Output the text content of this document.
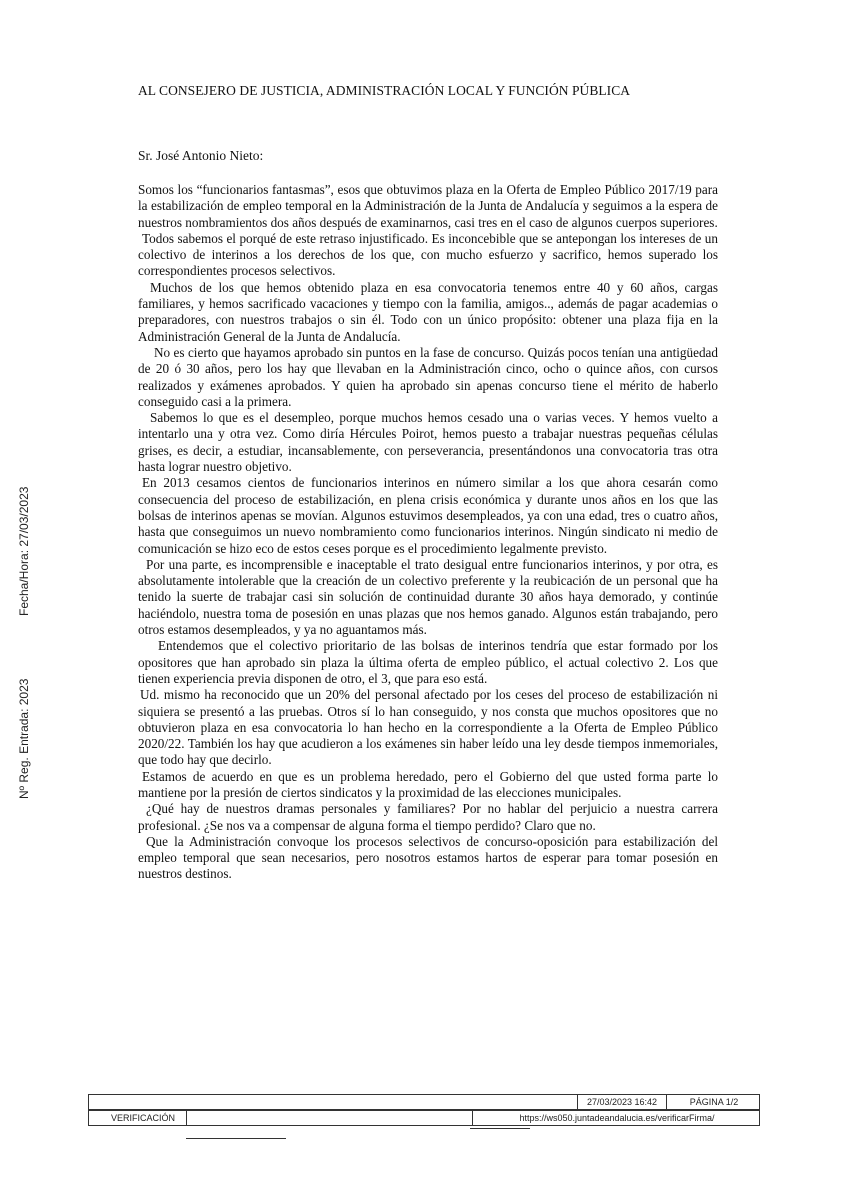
Fecha/Hora: 27/03/2023
Nº Reg. Entrada: 2023
AL CONSEJERO DE JUSTICIA, ADMINISTRACIÓN LOCAL Y FUNCIÓN PÚBLICA
Sr. José Antonio Nieto:

Somos los “funcionarios fantasmas”, esos que obtuvimos plaza en la Oferta de Empleo Público 2017/19 para la estabilización de empleo temporal en la Administración de la Junta de Andalucía y seguimos a la espera de nuestros nombramientos dos años después de examinarnos, casi tres en el caso de algunos cuerpos superiores.

Todos sabemos el porqué de este retraso injustificado. Es inconcebible que se antepongan los intereses de un colectivo de interinos a los derechos de los que, con mucho esfuerzo y sacrifico, hemos superado los correspondientes procesos selectivos.

Muchos de los que hemos obtenido plaza en esa convocatoria tenemos entre 40 y 60 años, cargas familiares, y hemos sacrificado vacaciones y tiempo con la familia, amigos.., además de pagar academias o preparadores, con nuestros trabajos o sin él. Todo con un único propósito: obtener una plaza fija en la Administración General de la Junta de Andalucía.

No es cierto que hayamos aprobado sin puntos en la fase de concurso. Quizás pocos tenían una antigüedad de 20 ó 30 años, pero los hay que llevaban en la Administración cinco, ocho o quince años, con cursos realizados y exámenes aprobados. Y quien ha aprobado sin apenas concurso tiene el mérito de haberlo conseguido casi a la primera.

Sabemos lo que es el desempleo, porque muchos hemos cesado una o varias veces. Y hemos vuelto a intentarlo una y otra vez. Como diría Hércules Poirot, hemos puesto a trabajar nuestras pequeñas células grises, es decir, a estudiar, incansablemente, con perseverancia, presentándonos una convocatoria tras otra hasta lograr nuestro objetivo.

En 2013 cesamos cientos de funcionarios interinos en número similar a los que ahora cesarán como consecuencia del proceso de estabilización, en plena crisis económica y durante unos años en los que las bolsas de interinos apenas se movían. Algunos estuvimos desempleados, ya con una edad, tres o cuatro años, hasta que conseguimos un nuevo nombramiento como funcionarios interinos. Ningún sindicato ni medio de comunicación se hizo eco de estos ceses porque es el procedimiento legalmente previsto.

Por una parte, es incomprensible e inaceptable el trato desigual entre funcionarios interinos, y por otra, es absolutamente intolerable que la creación de un colectivo preferente y la reubicación de un personal que ha tenido la suerte de trabajar casi sin solución de continuidad durante 30 años haya demorado, y continúe haciéndolo, nuestra toma de posesión en unas plazas que nos hemos ganado. Algunos están trabajando, pero otros estamos desempleados, y ya no aguantamos más.

Entendemos que el colectivo prioritario de las bolsas de interinos tendría que estar formado por los opositores que han aprobado sin plaza la última oferta de empleo público, el actual colectivo 2. Los que tienen experiencia previa disponen de otro, el 3, que para eso está.

Ud. mismo ha reconocido que un 20% del personal afectado por los ceses del proceso de estabilización ni siquiera se presentó a las pruebas. Otros sí lo han conseguido, y nos consta que muchos opositores que no obtuvieron plaza en esa convocatoria lo han hecho en la correspondiente a la Oferta de Empleo Público 2020/22. También los hay que acudieron a los exámenes sin haber leído una ley desde tiempos inmemoriales, que todo hay que decirlo.

Estamos de acuerdo en que es un problema heredado, pero el Gobierno del que usted forma parte lo mantiene por la presión de ciertos sindicatos y la proximidad de las elecciones municipales.

¿Qué hay de nuestros dramas personales y familiares? Por no hablar del perjuicio a nuestra carrera profesional. ¿Se nos va a compensar de alguna forma el tiempo perdido? Claro que no.

Que la Administración convoque los procesos selectivos de concurso-oposición para estabilización del empleo temporal que sean necesarios, pero nosotros estamos hartos de esperar para tomar posesión en nuestros destinos.

27/03/2023 16:42	PÁGINA 1/2
VERIFICACIÓN	https://ws050.juntadeandalucia.es/verificarFirma/
